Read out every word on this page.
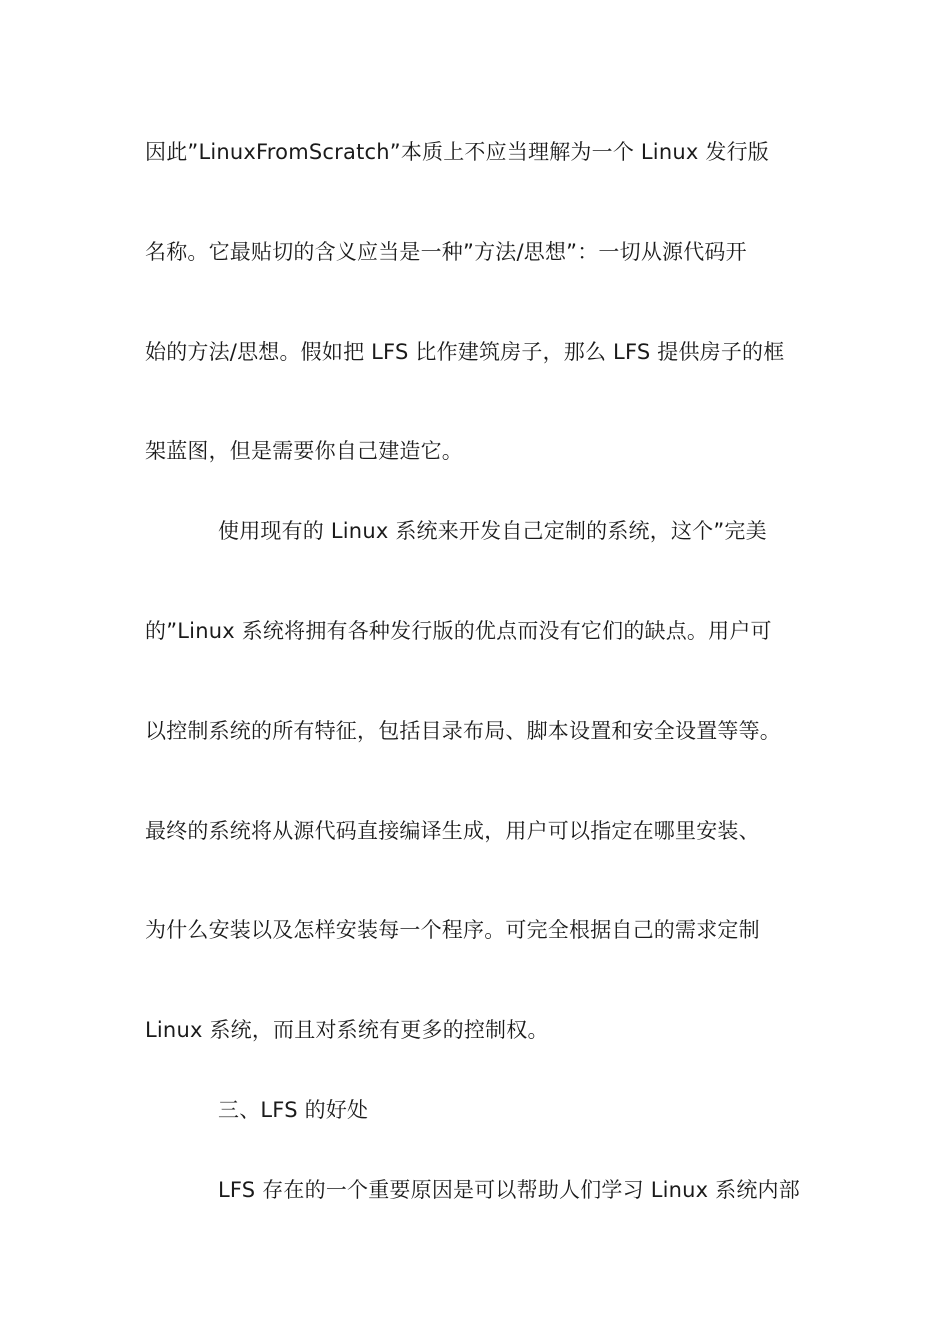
因此”LinuxFromScratch”本质上不应当理解为一个 Linux 发行版
名称。它最贴切的含义应当是一种”方法/思想”：一切从源代码开
始的方法/思想。假如把 LFS 比作建筑房子，那么 LFS 提供房子的框
架蓝图，但是需要你自己建造它。
使用现有的 Linux 系统来开发自己定制的系统，这个”完美
的”Linux 系统将拥有各种发行版的优点而没有它们的缺点。用户可
以控制系统的所有特征，包括目录布局、脚本设置和安全设置等等。
最终的系统将从源代码直接编译生成，用户可以指定在哪里安装、
为什么安装以及怎样安装每一个程序。可完全根据自己的需求定制
Linux 系统，而且对系统有更多的控制权。
三、LFS 的好处
LFS 存在的一个重要原因是可以帮助人们学习 Linux 系统内部
